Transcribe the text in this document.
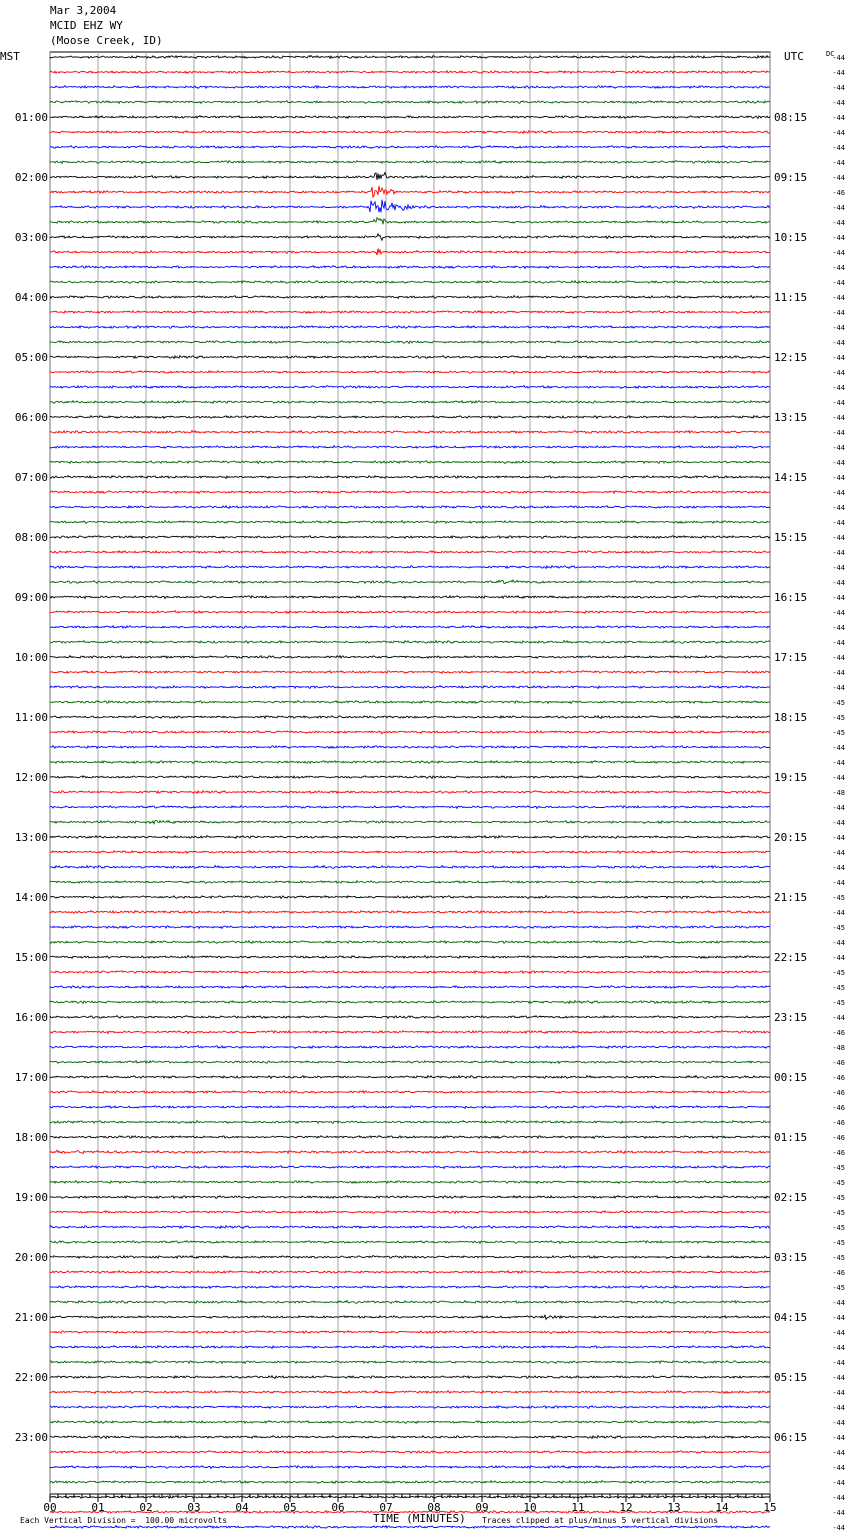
Mar 3,2004
MCID EHZ WY
(Moose Creek, ID)
MST	UTC	DC
00	01	02	03	04	05	06	07	08	09	10	11	12	13	14	15
-44
-44
-44
-44
-44
-44
-44
-44
-44
-46
-44
-44
-44
-44
-44
-44
-44
-44
-44
-44
-44
-44
-44
-44
-44
-44
-44
-44
-44
-44
-44
-44
-44
-44
-44
-44
-44
-44
-44
-44
-44
-44
-44
-45
-45
-45
-44
-44
-44
-48
-44
-44
-44
-44
-44
-44
-45
-44
-45
-44
-44
-45
-45
-45
-44
-46
-48
-46
-46
-46
-46
-46
-46
-46
-45
-45
-45
-45
-45
-45
-45
-46
-45
-44
-44
-44
-44
-44
-44
-44
-44
-44
-44
-44
-44
-44
-44
-44
-44
01:00
02:00
03:00
04:00
05:00
06:00
07:00
08:00
09:00
10:00
11:00
12:00
13:00
14:00
15:00
16:00
17:00
18:00
19:00
20:00
21:00
22:00
23:00
08:15
09:15
10:15
11:15
12:15
13:15
14:15
15:15
16:15
17:15
18:15
19:15
20:15
21:15
22:15
23:15
00:15
01:15
02:15
03:15
04:15
05:15
06:15
TIME (MINUTES)
Each Vertical Division =  100.00 microvolts	Traces clipped at plus/minus 5 vertical divisions
